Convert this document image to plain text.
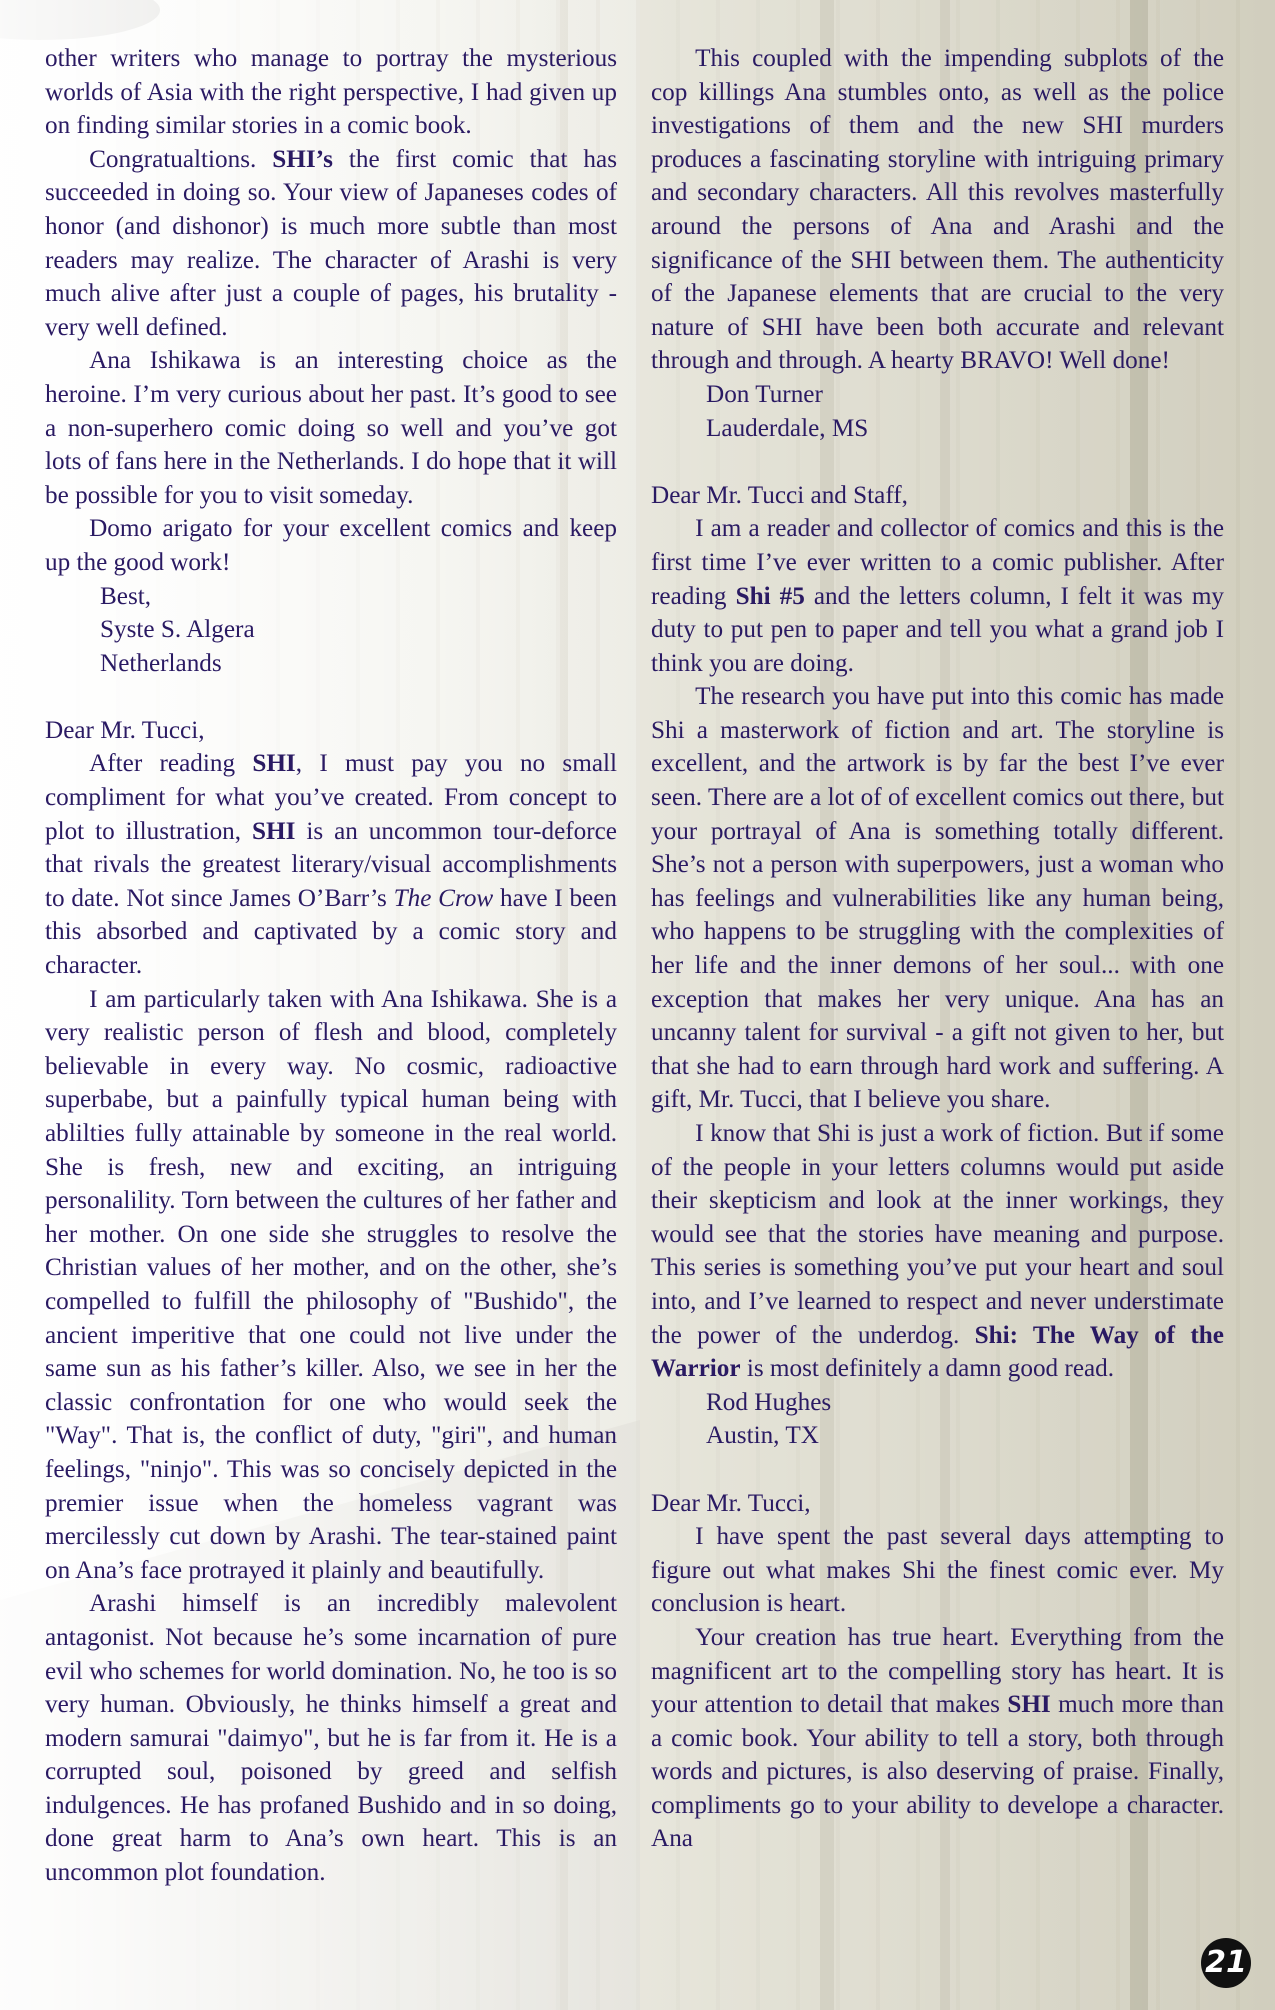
other writers who manage to portray the mysterious worlds of Asia with the right perspective, I had given up on finding similar stories in a comic book.

Congratualtions. SHI’s the first comic that has succeeded in doing so. Your view of Japaneses codes of honor (and dishonor) is much more subtle than most readers may realize. The character of Arashi is very much alive after just a couple of pages, his brutality - very well defined.

Ana Ishikawa is an interesting choice as the heroine. I’m very curious about her past. It’s good to see a non-superhero comic doing so well and you’ve got lots of fans here in the Netherlands. I do hope that it will be possible for you to visit someday.

Domo arigato for your excellent comics and keep up the good work!

Best,
Syste S. Algera
Netherlands

Dear Mr. Tucci,

After reading SHI, I must pay you no small compliment for what you’ve created. From concept to plot to illustration, SHI is an uncommon tour-deforce that rivals the greatest literary/visual accomplishments to date. Not since James O’Barr’s The Crow have I been this absorbed and captivated by a comic story and character.

I am particularly taken with Ana Ishikawa. She is a very realistic person of flesh and blood, completely believable in every way. No cosmic, radioactive superbabe, but a painfully typical human being with ablilties fully attainable by someone in the real world. She is fresh, new and exciting, an intriguing personalility. Torn between the cultures of her father and her mother. On one side she struggles to resolve the Christian values of her mother, and on the other, she’s compelled to fulfill the philosophy of "Bushido", the ancient imperitive that one could not live under the same sun as his father’s killer. Also, we see in her the classic confrontation for one who would seek the "Way". That is, the conflict of duty, "giri", and human feelings, "ninjo". This was so concisely depicted in the premier issue when the homeless vagrant was mercilessly cut down by Arashi. The tear-stained paint on Ana’s face protrayed it plainly and beautifully.

Arashi himself is an incredibly malevolent antagonist. Not because he’s some incarnation of pure evil who schemes for world domination. No, he too is so very human. Obviously, he thinks himself a great and modern samurai "daimyo", but he is far from it. He is a corrupted soul, poisoned by greed and selfish indulgences. He has profaned Bushido and in so doing, done great harm to Ana’s own heart. This is an uncommon plot foundation.

This coupled with the impending subplots of the cop killings Ana stumbles onto, as well as the police investigations of them and the new SHI murders produces a fascinating storyline with intriguing primary and secondary characters. All this revolves masterfully around the persons of Ana and Arashi and the significance of the SHI between them. The authenticity of the Japanese elements that are crucial to the very nature of SHI have been both accurate and relevant through and through. A hearty BRAVO! Well done!

Don Turner
Lauderdale, MS

Dear Mr. Tucci and Staff,

I am a reader and collector of comics and this is the first time I’ve ever written to a comic publisher. After reading Shi #5 and the letters column, I felt it was my duty to put pen to paper and tell you what a grand job I think you are doing.

The research you have put into this comic has made Shi a masterwork of fiction and art. The storyline is excellent, and the artwork is by far the best I’ve ever seen. There are a lot of of excellent comics out there, but your portrayal of Ana is something totally different. She’s not a person with superpowers, just a woman who has feelings and vulnerabilities like any human being, who happens to be struggling with the complexities of her life and the inner demons of her soul... with one exception that makes her very unique. Ana has an uncanny talent for survival - a gift not given to her, but that she had to earn through hard work and suffering. A gift, Mr. Tucci, that I believe you share.

I know that Shi is just a work of fiction. But if some of the people in your letters columns would put aside their skepticism and look at the inner workings, they would see that the stories have meaning and purpose. This series is something you’ve put your heart and soul into, and I’ve learned to respect and never understimate the power of the underdog. Shi: The Way of the Warrior is most definitely a damn good read.

Rod Hughes
Austin, TX

Dear Mr. Tucci,

I have spent the past several days attempting to figure out what makes Shi the finest comic ever. My conclusion is heart.

Your creation has true heart. Everything from the magnificent art to the compelling story has heart. It is your attention to detail that makes SHI much more than a comic book. Your ability to tell a story, both through words and pictures, is also deserving of praise. Finally, compliments go to your ability to develope a character. Ana

21
